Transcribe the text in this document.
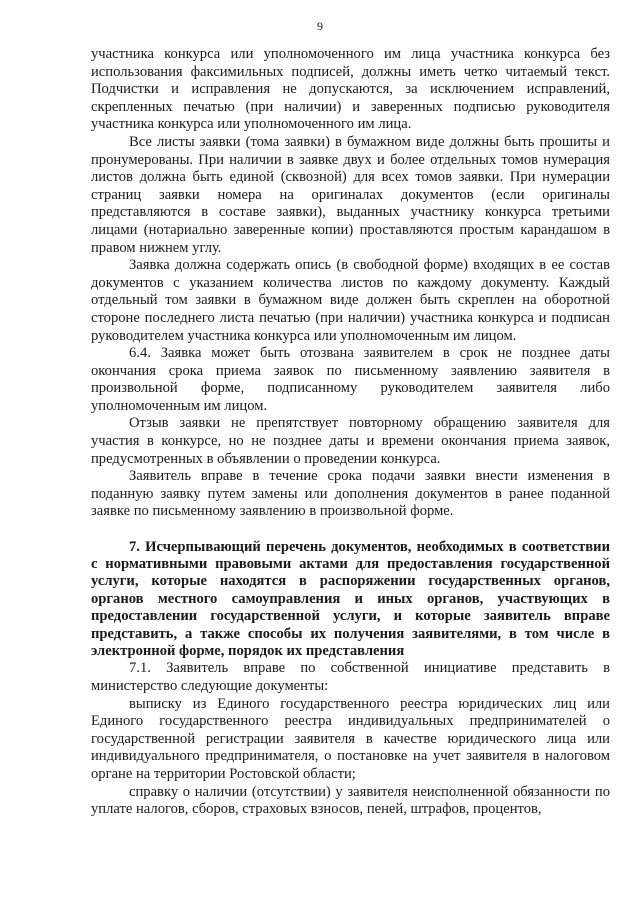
9

участника конкурса или уполномоченного им лица участника конкурса без использования факсимильных подписей, должны иметь четко читаемый текст. Подчистки и исправления не допускаются, за исключением исправлений, скрепленных печатью (при наличии) и заверенных подписью руководителя участника конкурса или уполномоченного им лица.

Все листы заявки (тома заявки) в бумажном виде должны быть прошиты и пронумерованы. При наличии в заявке двух и более отдельных томов нумерация листов должна быть единой (сквозной) для всех томов заявки. При нумерации страниц заявки номера на оригиналах документов (если оригиналы представляются в составе заявки), выданных участнику конкурса третьими лицами (нотариально заверенные копии) проставляются простым карандашом в правом нижнем углу.

Заявка должна содержать опись (в свободной форме) входящих в ее состав документов с указанием количества листов по каждому документу. Каждый отдельный том заявки в бумажном виде должен быть скреплен на оборотной стороне последнего листа печатью (при наличии) участника конкурса и подписан руководителем участника конкурса или уполномоченным им лицом.

6.4. Заявка может быть отозвана заявителем в срок не позднее даты окончания срока приема заявок по письменному заявлению заявителя в произвольной форме, подписанному руководителем заявителя либо уполномоченным им лицом.

Отзыв заявки не препятствует повторному обращению заявителя для участия в конкурсе, но не позднее даты и времени окончания приема заявок, предусмотренных в объявлении о проведении конкурса.

Заявитель вправе в течение срока подачи заявки внести изменения в поданную заявку путем замены или дополнения документов в ранее поданной заявке по письменному заявлению в произвольной форме.

7. Исчерпывающий перечень документов, необходимых в соответствии с нормативными правовыми актами для предоставления государственной услуги, которые находятся в распоряжении государственных органов, органов местного самоуправления и иных органов, участвующих в предоставлении государственной услуги, и которые заявитель вправе представить, а также способы их получения заявителями, в том числе в электронной форме, порядок их представления

7.1. Заявитель вправе по собственной инициативе представить в министерство следующие документы:

выписку из Единого государственного реестра юридических лиц или Единого государственного реестра индивидуальных предпринимателей о государственной регистрации заявителя в качестве юридического лица или индивидуального предпринимателя, о постановке на учет заявителя в налоговом органе на территории Ростовской области;

справку о наличии (отсутствии) у заявителя неисполненной обязанности по уплате налогов, сборов, страховых взносов, пеней, штрафов, процентов,
